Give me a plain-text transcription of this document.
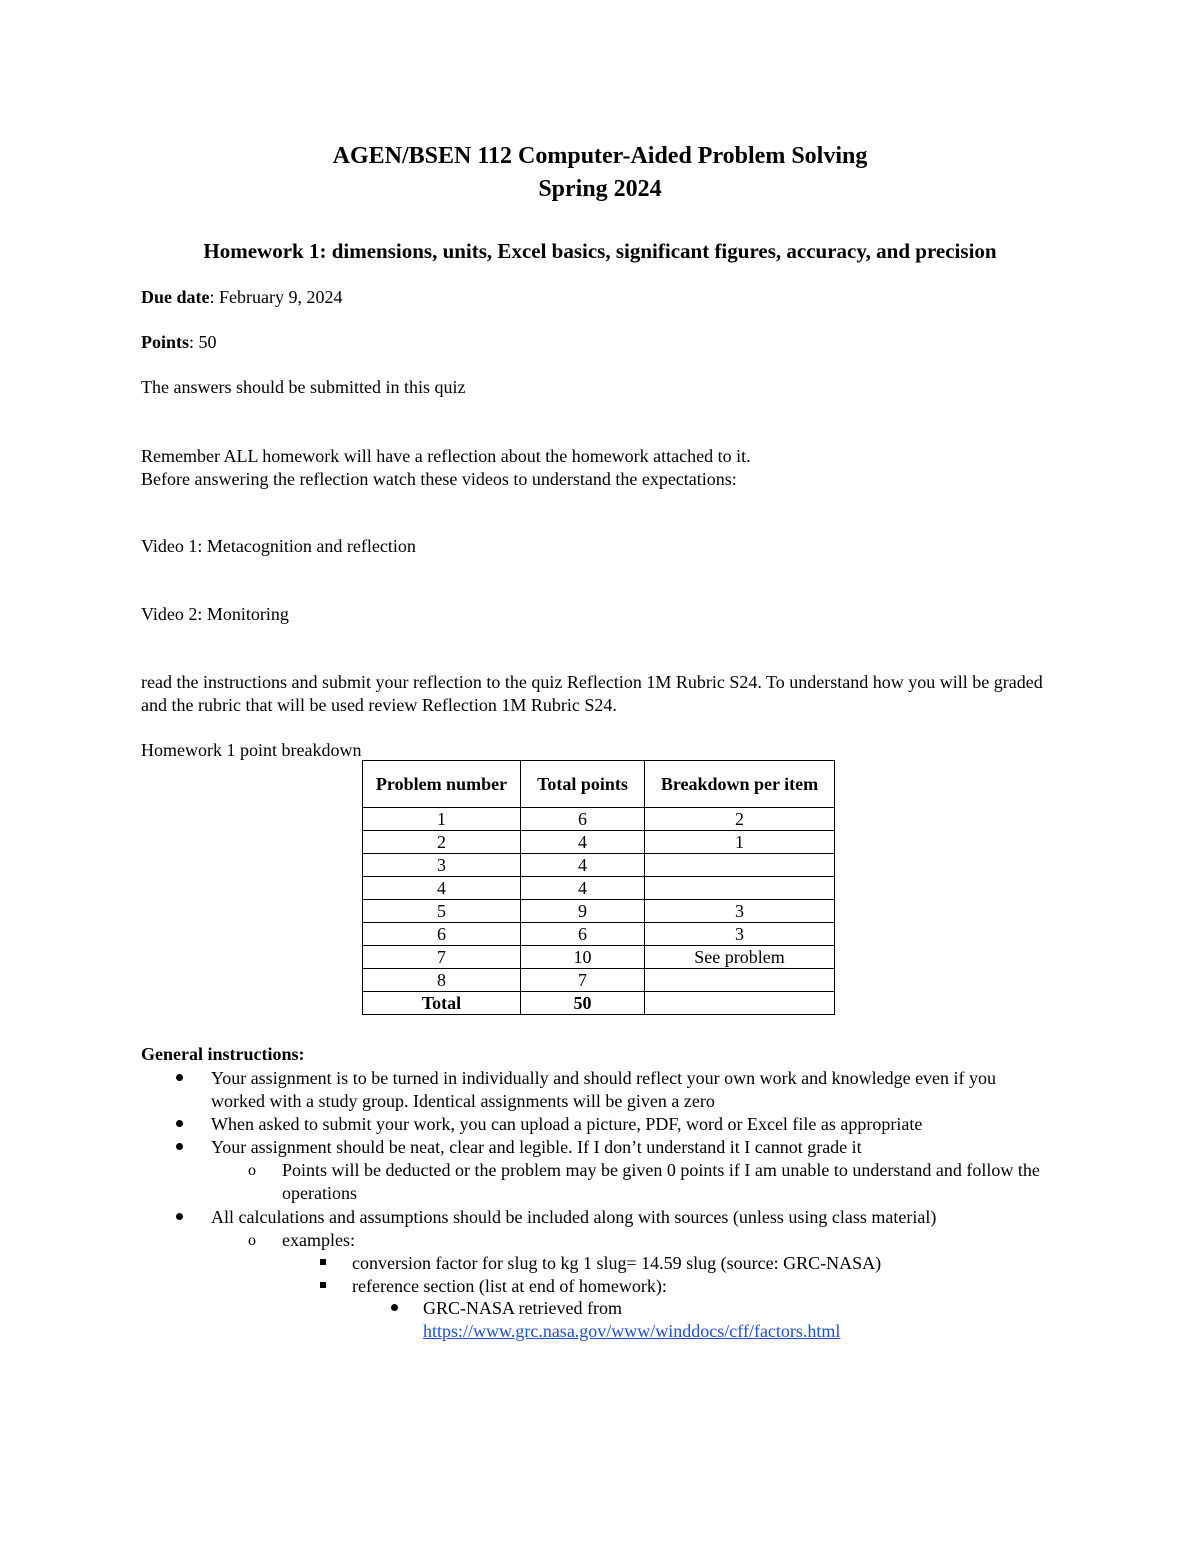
AGEN/BSEN 112 Computer-Aided Problem Solving
Spring 2024
Homework 1: dimensions, units, Excel basics, significant figures, accuracy, and precision
Due date: February 9, 2024
Points: 50
The answers should be submitted in this quiz
Remember ALL homework will have a reflection about the homework attached to it.
Before answering the reflection watch these videos to understand the expectations:
Video 1: Metacognition and reflection
Video 2: Monitoring
read the instructions and submit your reflection to the quiz Reflection 1M Rubric S24. To understand how you will be graded and the rubric that will be used review Reflection 1M Rubric S24.
Homework 1 point breakdown
Problem number	Total points	Breakdown per item
1	6	2
2	4	1
3	4	
4	4	
5	9	3
6	6	3
7	10	See problem
8	7	
Total	50	
General instructions:
Your assignment is to be turned in individually and should reflect your own work and knowledge even if you worked with a study group. Identical assignments will be given a zero
When asked to submit your work, you can upload a picture, PDF, word or Excel file as appropriate
Your assignment should be neat, clear and legible. If I don’t understand it I cannot grade it
o Points will be deducted or the problem may be given 0 points if I am unable to understand and follow the operations
All calculations and assumptions should be included along with sources (unless using class material)
o examples:
conversion factor for slug to kg 1 slug= 14.59 slug (source: GRC-NASA)
reference section (list at end of homework):
GRC-NASA retrieved from
https://www.grc.nasa.gov/www/winddocs/cff/factors.html
